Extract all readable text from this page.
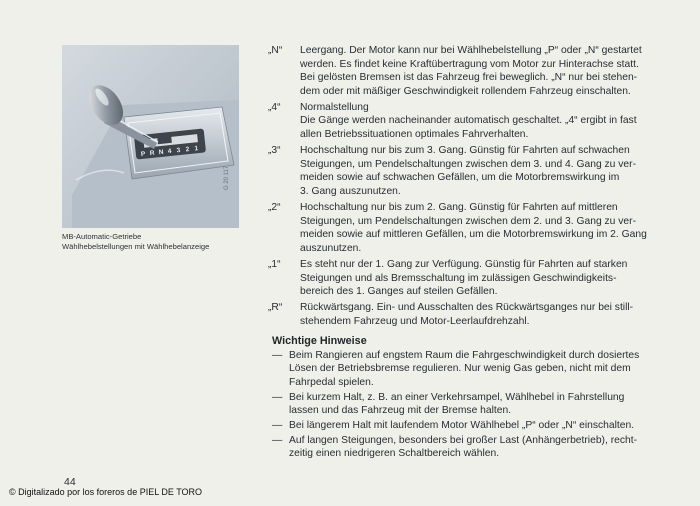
P R N 4 3 2 1
G 20 117
MB-Automatic-Getriebe
Wählhebelstellungen mit Wählhebelanzeige
„N“	Leergang. Der Motor kann nur bei Wählhebelstellung „P“ oder „N“ gestartet
werden. Es findet keine Kraftübertragung vom Motor zur Hinterachse statt.
Bei gelösten Bremsen ist das Fahrzeug frei beweglich. „N“ nur bei stehen-
dem oder mit mäßiger Geschwindigkeit rollendem Fahrzeug einschalten.
„4“	Normalstellung
Die Gänge werden nacheinander automatisch geschaltet. „4“ ergibt in fast
allen Betriebssituationen optimales Fahrverhalten.
„3“	Hochschaltung nur bis zum 3. Gang. Günstig für Fahrten auf schwachen
Steigungen, um Pendelschaltungen zwischen dem 3. und 4. Gang zu ver-
meiden sowie auf schwachen Gefällen, um die Motorbremswirkung im
3. Gang auszunutzen.
„2“	Hochschaltung nur bis zum 2. Gang. Günstig für Fahrten auf mittleren
Steigungen, um Pendelschaltungen zwischen dem 2. und 3. Gang zu ver-
meiden sowie auf mittleren Gefällen, um die Motorbremswirkung im 2. Gang
auszunutzen.
„1“	Es steht nur der 1. Gang zur Verfügung. Günstig für Fahrten auf starken
Steigungen und als Bremsschaltung im zulässigen Geschwindigkeits-
bereich des 1. Ganges auf steilen Gefällen.
„R“	Rückwärtsgang. Ein- und Ausschalten des Rückwärtsganges nur bei still-
stehendem Fahrzeug und Motor-Leerlaufdrehzahl.
Wichtige Hinweise
— Beim Rangieren auf engstem Raum die Fahrgeschwindigkeit durch dosiertes
Lösen der Betriebsbremse regulieren. Nur wenig Gas geben, nicht mit dem
Fahrpedal spielen.
— Bei kurzem Halt, z. B. an einer Verkehrsampel, Wählhebel in Fahrstellung
lassen und das Fahrzeug mit der Bremse halten.
— Bei längerem Halt mit laufendem Motor Wählhebel „P“ oder „N“ einschalten.
— Auf langen Steigungen, besonders bei großer Last (Anhängerbetrieb), recht-
zeitig einen niedrigeren Schaltbereich wählen.
44
© Digitalizado por los foreros de PIEL DE TORO
